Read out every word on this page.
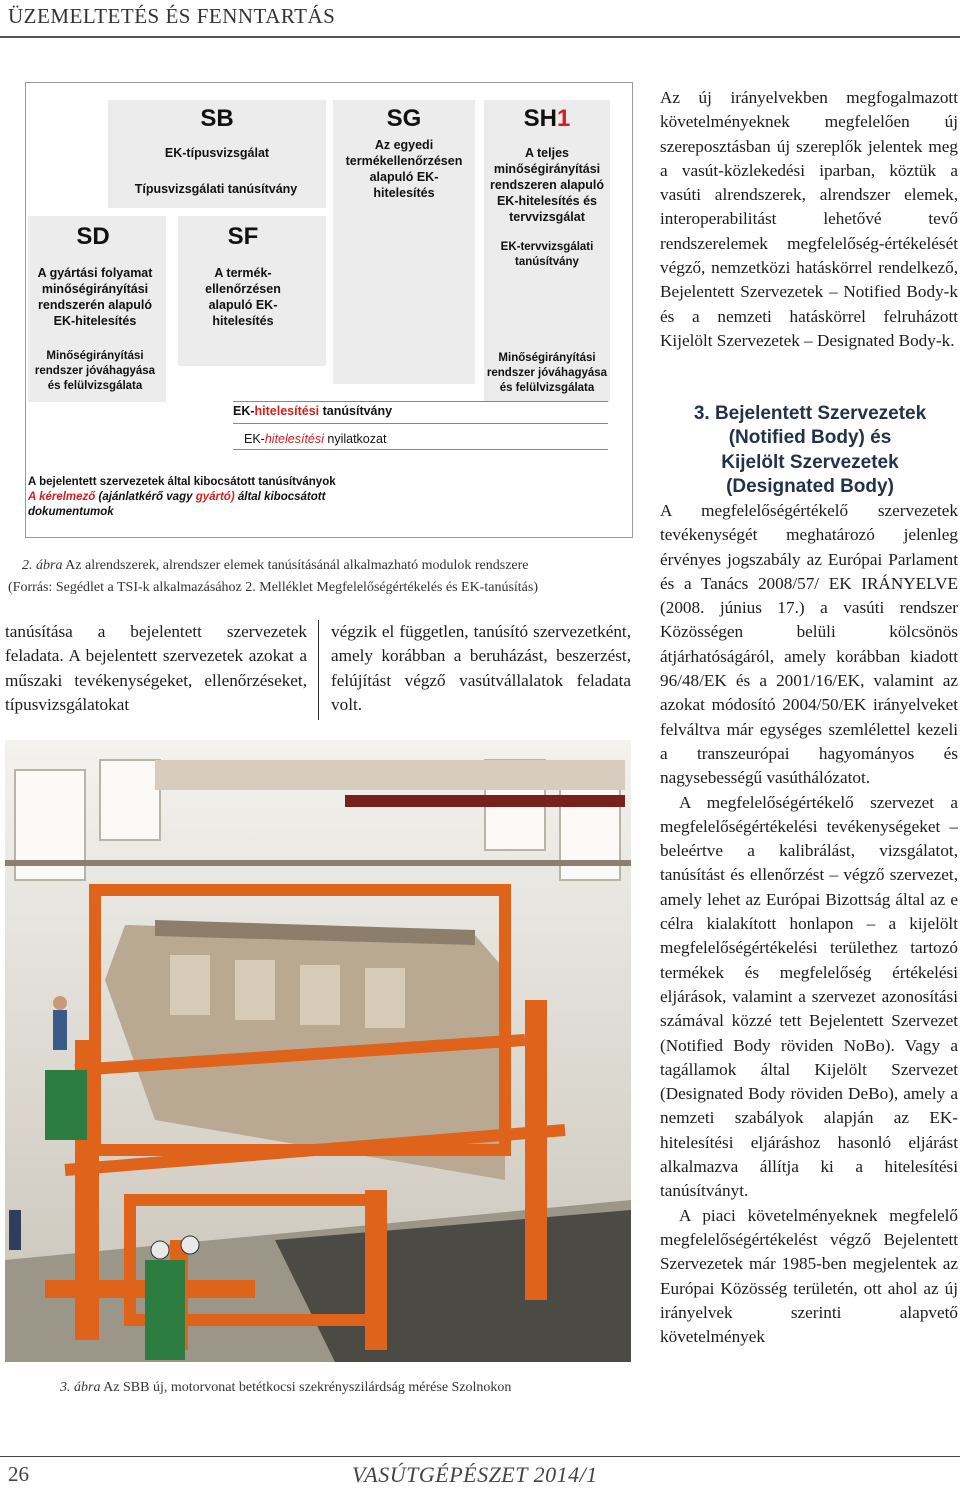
ÜZEMELTETÉS ÉS FENNTARTÁS
SB
EK-típusvizsgálat
Típusvizsgálati tanúsítvány
SG
Az egyedi
termékellenőrzésen
alapuló EK-
hitelesítés
SH1
A teljes
minőségirányítási
rendszeren alapuló
EK-hitelesítés és
tervvizsgálat
EK-tervvizsgálati
tanúsítvány
Minőségirányítási
rendszer jóváhagyása
és felülvizsgálata
SD
A gyártási folyamat
minőségirányítási
rendszerén alapuló
EK-hitelesítés
Minőségirányítási
rendszer jóváhagyása
és felülvizsgálata
SF
A termék-
ellenőrzésen
alapuló EK-
hitelesítés
EK-hitelesítési tanúsítvány
EK-hitelesítési nyilatkozat
A bejelentett szervezetek által kibocsátott tanúsítványok
A kérelmező (ajánlatkérő vagy gyártó) által kibocsátott
dokumentumok
2. ábra Az alrendszerek, alrendszer elemek tanúsításánál alkalmazható modulok rendszere
(Forrás: Segédlet a TSI-k alkalmazásához 2. Melléklet Megfelelőségértékelés és EK-tanúsítás)

tanúsítása a bejelentett szervezetek feladata. A bejelentett szervezetek azokat a műszaki tevékenységeket, ellenőrzéseket, típusvizsgálatokat

végzik el független, tanúsító szervezetként, amely korábban a beruházást, beszerzést, felújítást végző vasútvállalatok feladata volt.

3. ábra Az SBB új, motorvonat betétkocsi szekrényszilárdság mérése Szolnokon

Az új irányelvekben megfogalmazott követelményeknek megfelelően új szereposztásban új szereplők jelentek meg a vasút-közlekedési iparban, köztük a vasúti alrendszerek, alrendszer elemek, interoperabilitást lehetővé tevő rendszerelemek megfelelőség-értékelését végző, nemzetközi hatáskörrel rendelkező, Bejelentett Szervezetek – Notified Body-k és a nemzeti hatáskörrel felruházott Kijelölt Szervezetek – Designated Body-k.

3. Bejelentett Szervezetek
(Notified Body) és
Kijelölt Szervezetek
(Designated Body)

A megfelelőségértékelő szervezetek tevékenységét meghatározó jelenleg érvényes jogszabály az Európai Parlament és a Tanács 2008/57/ EK IRÁNYELVE (2008. június 17.) a vasúti rendszer Közösségen belüli kölcsönös átjárhatóságáról, amely korábban kiadott 96/48/EK és a 2001/16/EK, valamint az azokat módosító 2004/50/EK irányelveket felváltva már egységes szemlélettel kezeli a transzeurópai hagyományos és nagysebességű vasúthálózatot.

A megfelelőségértékelő szervezet a megfelelőségértékelési tevékenységeket – beleértve a kalibrálást, vizsgálatot, tanúsítást és ellenőrzést – végző szervezet, amely lehet az Európai Bizottság által az e célra kialakított honlapon – a kijelölt megfelelőségértékelési területhez tartozó termékek és megfelelőség értékelési eljárások, valamint a szervezet azonosítási számával közzé tett Bejelentett Szervezet (Notified Body röviden NoBo). Vagy a tagállamok által Kijelölt Szervezet (Designated Body röviden DeBo), amely a nemzeti szabályok alapján az EK-hitelesítési eljáráshoz hasonló eljárást alkalmazva állítja ki a hitelesítési tanúsítványt.

A piaci követelményeknek megfelelő megfelelőségértékelést végző Bejelentett Szervezetek már 1985-ben megjelentek az Európai Közösség területén, ott ahol az új irányelvek szerinti alapvető követelmények

26	VASÚTGÉPÉSZET 2014/1
